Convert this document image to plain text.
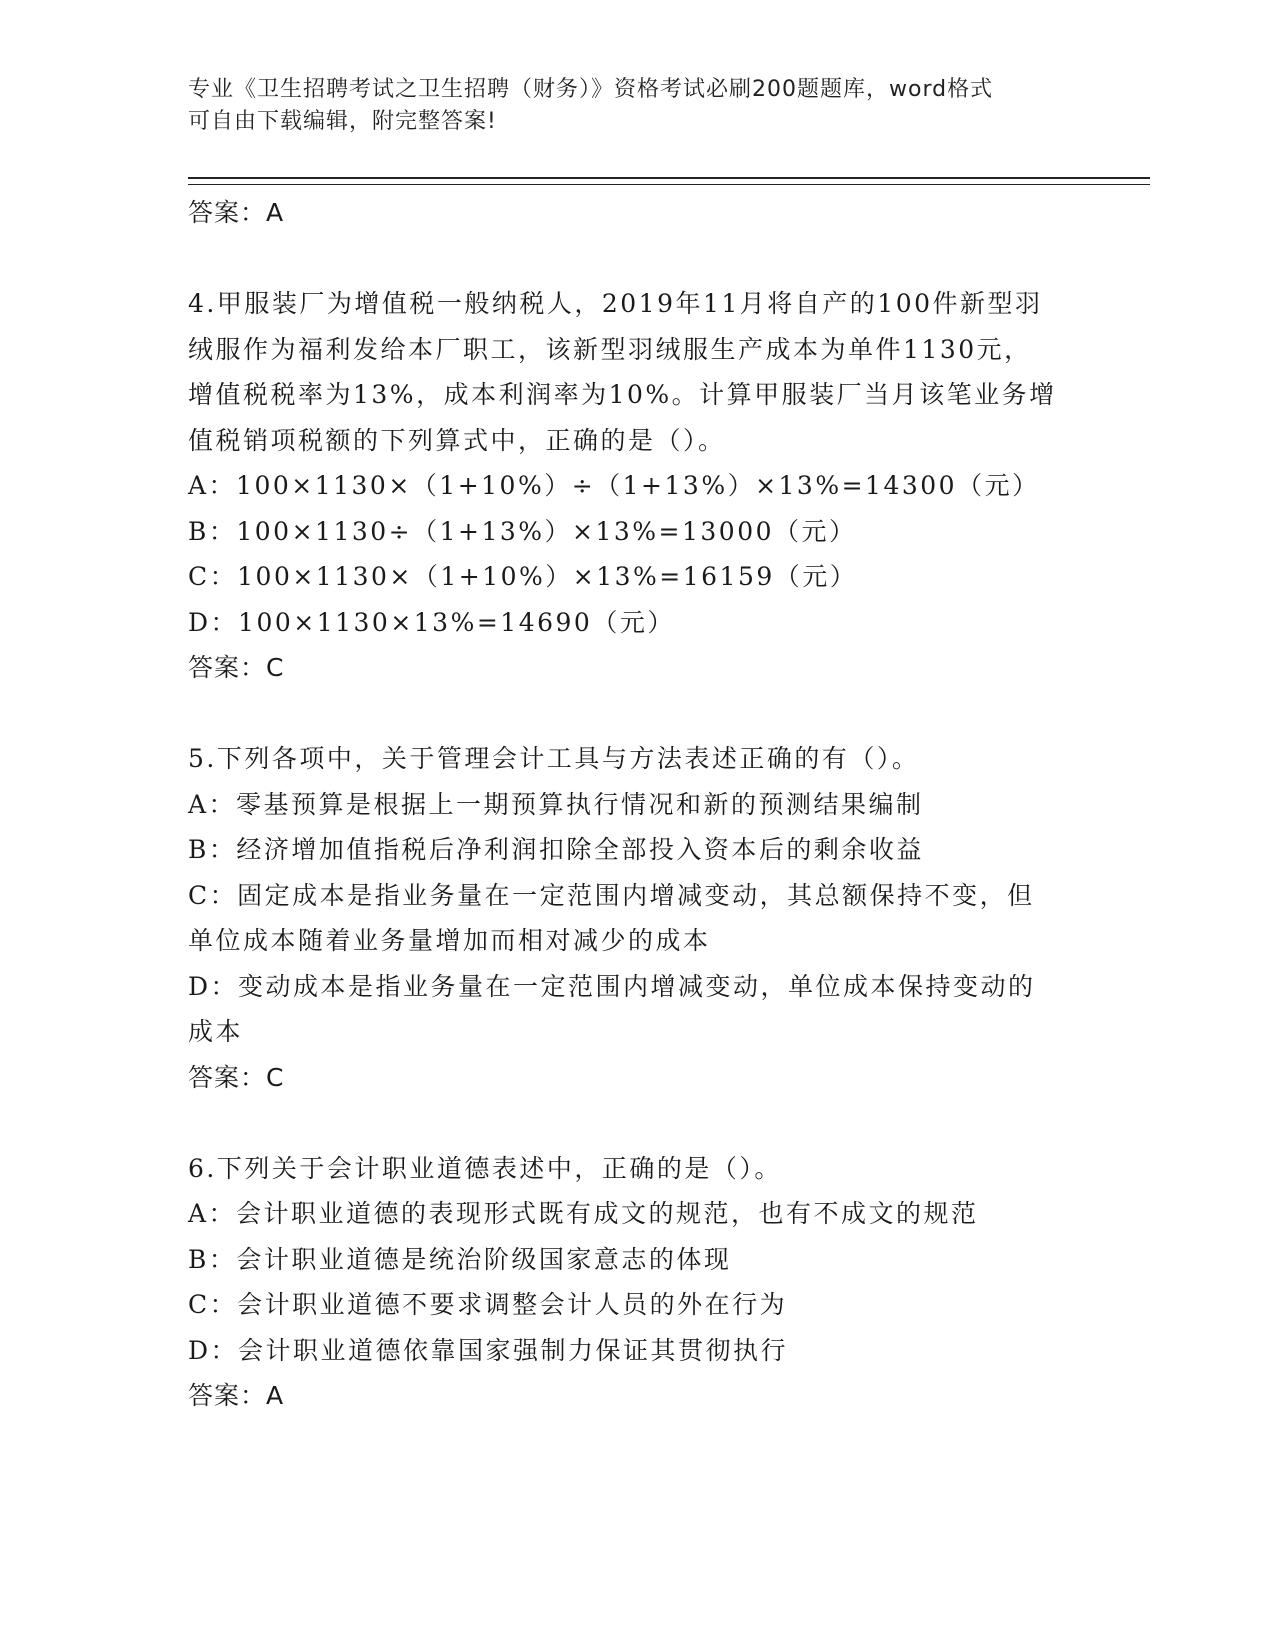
专业《卫生招聘考试之卫生招聘（财务）》资格考试必刷200题题库，word格式
可自由下载编辑，附完整答案!
答案：A
4.甲服装厂为增值税一般纳税人，2019年11月将自产的100件新型羽
绒服作为福利发给本厂职工，该新型羽绒服生产成本为单件1130元，
增值税税率为13%，成本利润率为10%。计算甲服装厂当月该笔业务增
值税销项税额的下列算式中，正确的是（）。
A：100×1130×（1+10%）÷（1+13%）×13%=14300（元）
B：100×1130÷（1+13%）×13%=13000（元）
C：100×1130×（1+10%）×13%=16159（元）
D：100×1130×13%=14690（元）
答案：C
5.下列各项中，关于管理会计工具与方法表述正确的有（）。
A：零基预算是根据上一期预算执行情况和新的预测结果编制
B：经济增加值指税后净利润扣除全部投入资本后的剩余收益
C：固定成本是指业务量在一定范围内增减变动，其总额保持不变，但
单位成本随着业务量增加而相对减少的成本
D：变动成本是指业务量在一定范围内增减变动，单位成本保持变动的
成本
答案：C
6.下列关于会计职业道德表述中，正确的是（）。
A：会计职业道德的表现形式既有成文的规范，也有不成文的规范
B：会计职业道德是统治阶级国家意志的体现
C：会计职业道德不要求调整会计人员的外在行为
D：会计职业道德依靠国家强制力保证其贯彻执行
答案：A
